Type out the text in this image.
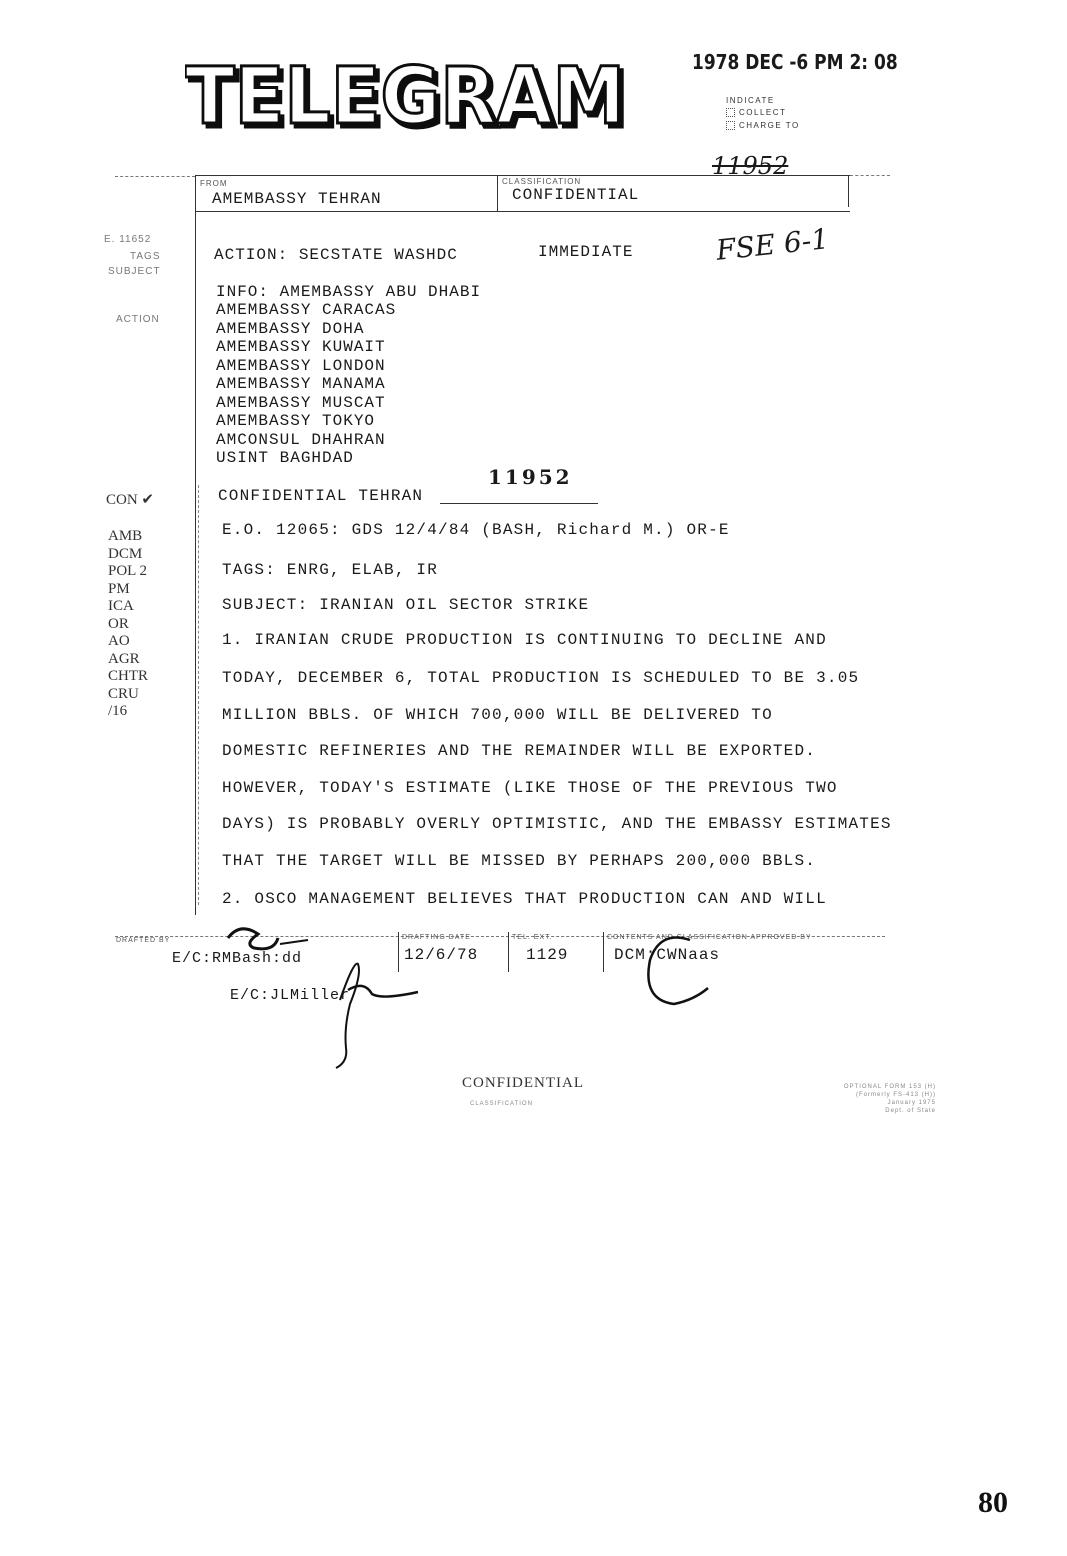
TELEGRAM	1978 DEC -6 PM 2: 08
INDICATE
COLLECT
CHARGE TO
11952
FROM
AMEMBASSY TEHRAN
CLASSIFICATION
CONFIDENTIAL
E. 11652
TAGS
SUBJECT
ACTION
ACTION: SECSTATE WASHDC	IMMEDIATE	FSE 6-1
INFO: AMEMBASSY ABU DHABI
AMEMBASSY CARACAS
AMEMBASSY DOHA
AMEMBASSY KUWAIT
AMEMBASSY LONDON
AMEMBASSY MANAMA
AMEMBASSY MUSCAT
AMEMBASSY TOKYO
AMCONSUL DHAHRAN
USINT BAGHDAD
11952
CON ✔
AMB
DCM
POL 2
PM
ICA
OR
AO
AGR
CHTR
CRU
/16
CONFIDENTIAL TEHRAN
E.O. 12065: GDS 12/4/84 (BASH, Richard M.) OR-E
TAGS: ENRG, ELAB, IR
SUBJECT: IRANIAN OIL SECTOR STRIKE
1. IRANIAN CRUDE PRODUCTION IS CONTINUING TO DECLINE AND
TODAY, DECEMBER 6, TOTAL PRODUCTION IS SCHEDULED TO BE 3.05
MILLION BBLS. OF WHICH 700,000 WILL BE DELIVERED TO
DOMESTIC REFINERIES AND THE REMAINDER WILL BE EXPORTED.
HOWEVER, TODAY'S ESTIMATE (LIKE THOSE OF THE PREVIOUS TWO
DAYS) IS PROBABLY OVERLY OPTIMISTIC, AND THE EMBASSY ESTIMATES
THAT THE TARGET WILL BE MISSED BY PERHAPS 200,000 BBLS.
2. OSCO MANAGEMENT BELIEVES THAT PRODUCTION CAN AND WILL
DRAFTED BY
E/C:RMBash:dd
DRAFTING DATE
12/6/78
TEL. EXT.
1129
CONTENTS AND CLASSIFICATION APPROVED BY
DCM:CWNaas
E/C:JLMiller
CONFIDENTIAL
CLASSIFICATION
OPTIONAL FORM 153 (H)
(Formerly FS-413 (H))
January 1975
Dept. of State
80
